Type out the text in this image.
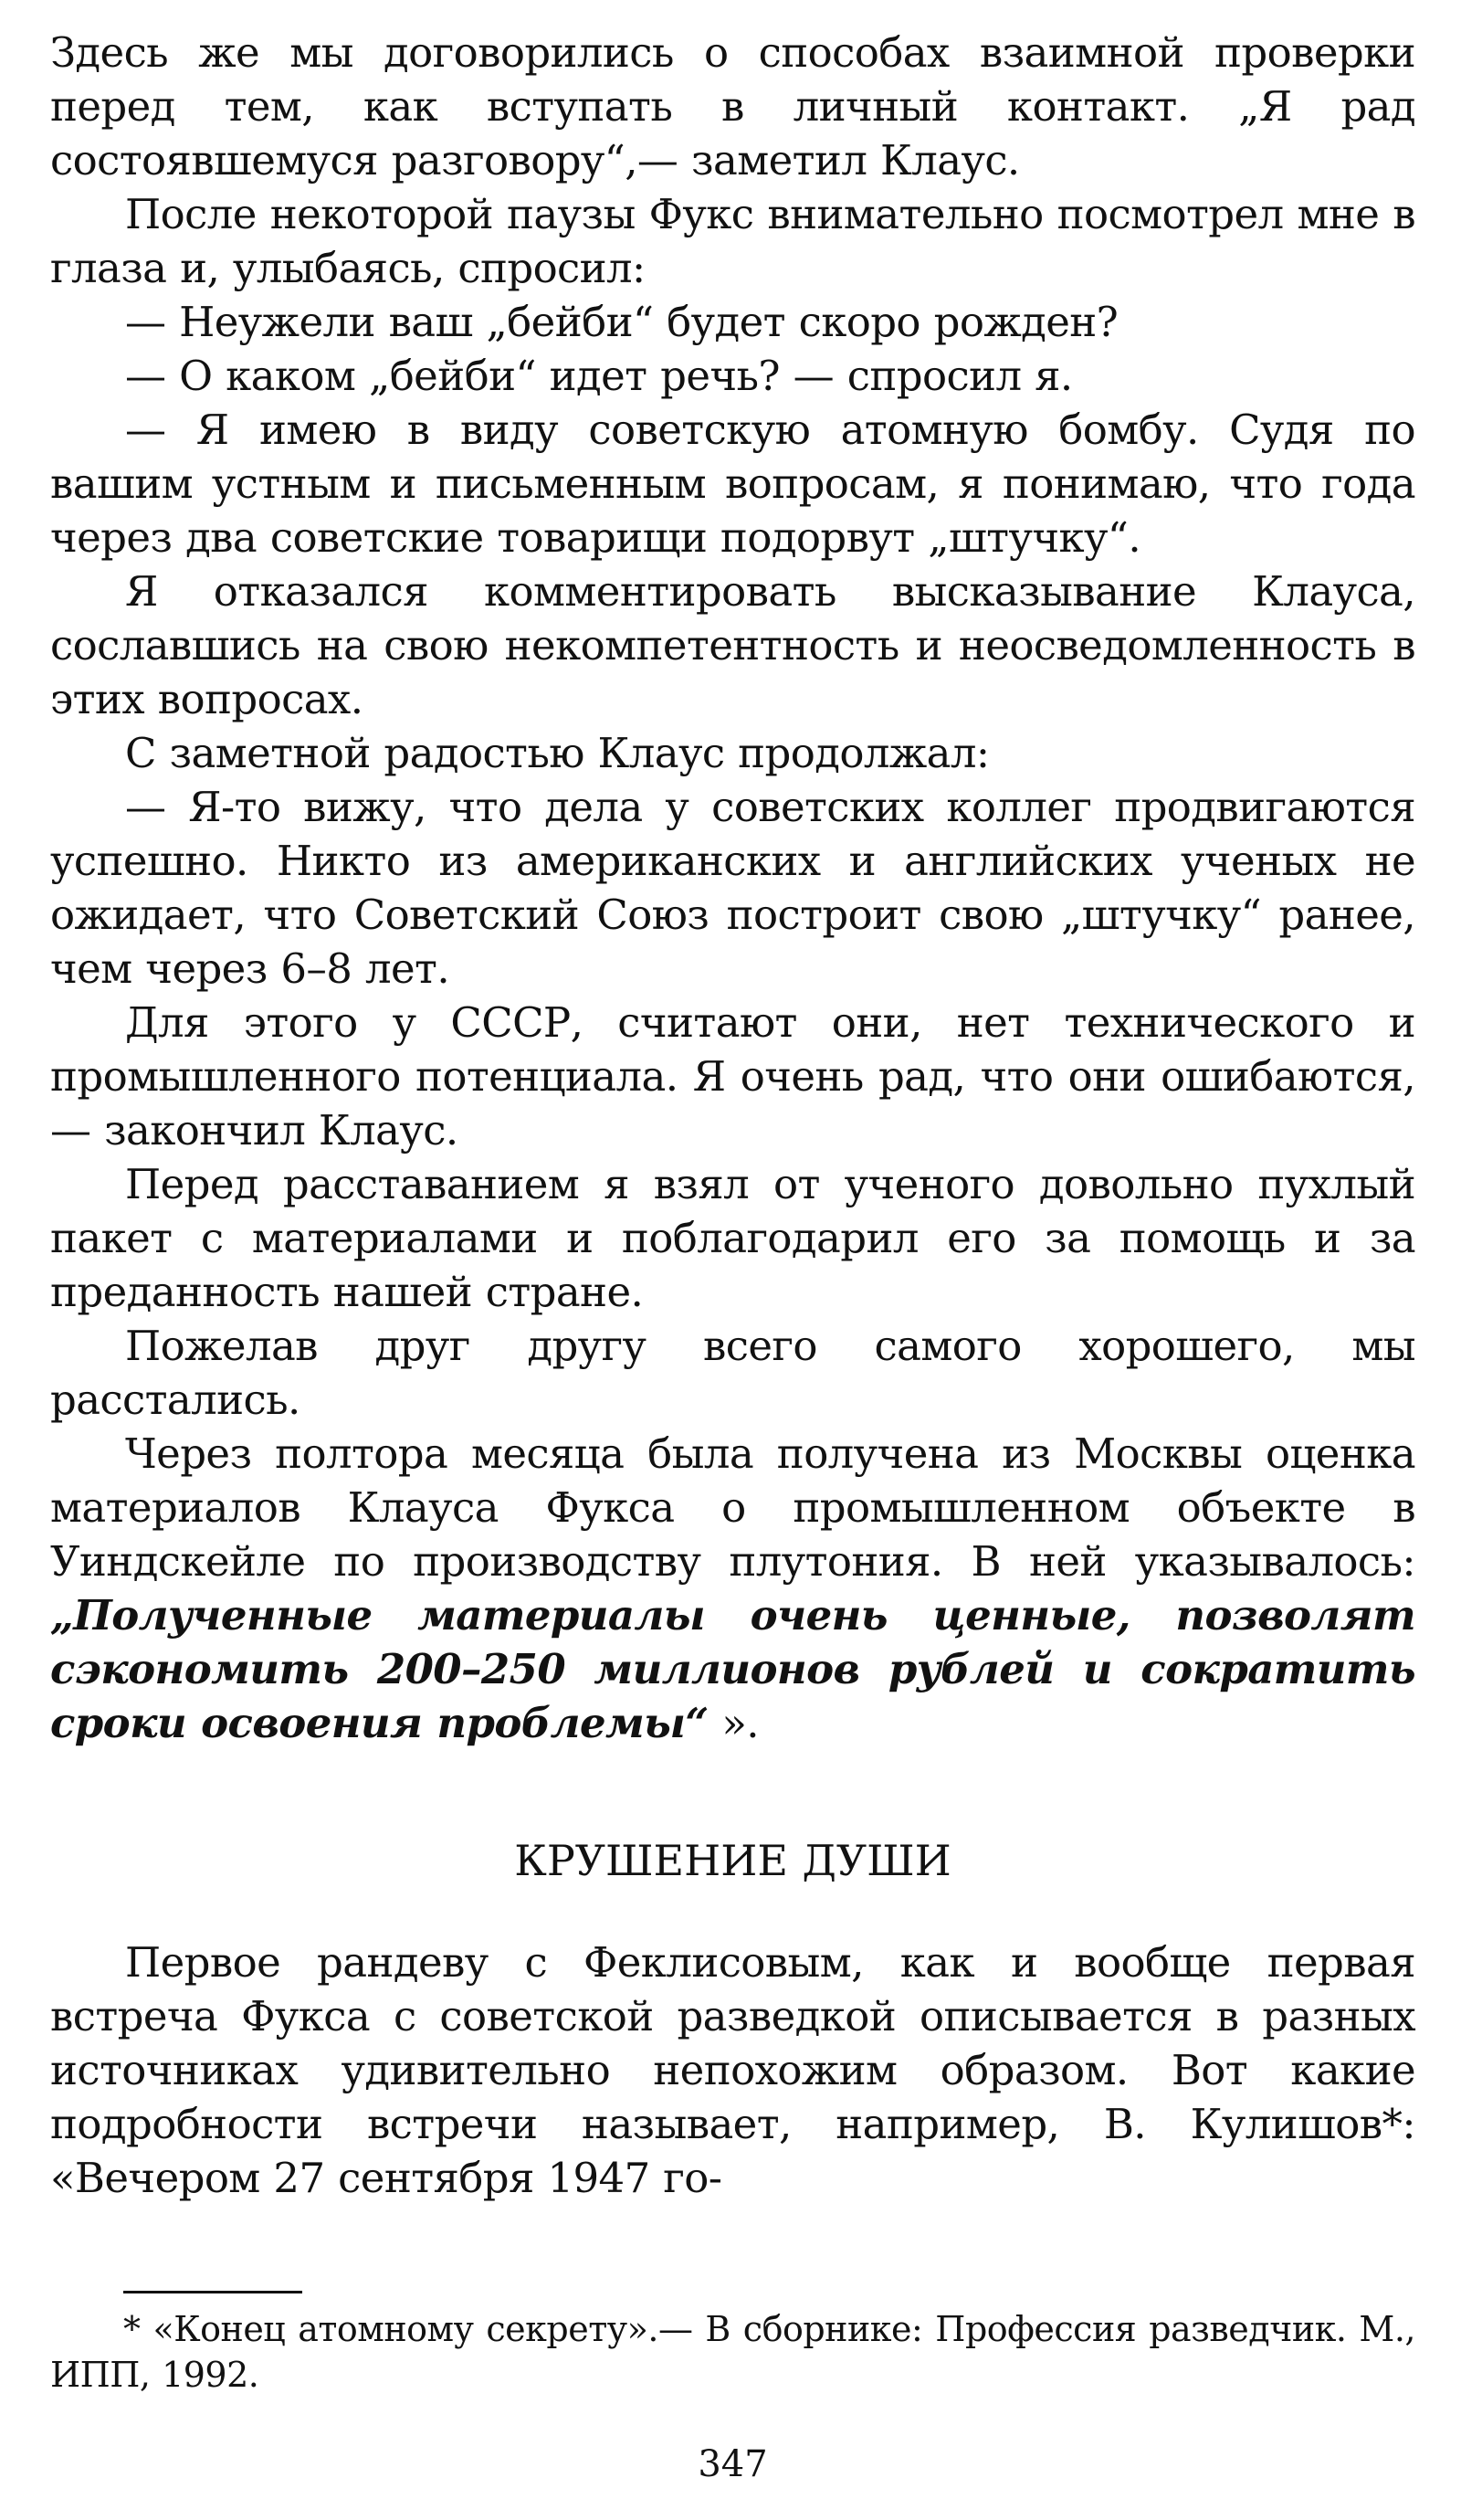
Здесь же мы договорились о способах взаимной проверки перед тем, как вступать в личный контакт. „Я рад состоявшемуся разговору“,— заметил Клаус.

После некоторой паузы Фукс внимательно посмотрел мне в глаза и, улыбаясь, спросил:

— Неужели ваш „бейби“ будет скоро рожден?

— О каком „бейби“ идет речь? — спросил я.

— Я имею в виду советскую атомную бомбу. Судя по вашим устным и письменным вопросам, я понимаю, что года через два советские товарищи подорвут „штучку“.

Я отказался комментировать высказывание Клауса, сославшись на свою некомпетентность и неосведомленность в этих вопросах.

С заметной радостью Клаус продолжал:

— Я-то вижу, что дела у советских коллег продвигаются успешно. Никто из американских и английских ученых не ожидает, что Советский Союз построит свою „штучку“ ранее, чем через 6–8 лет.

Для этого у СССР, считают они, нет технического и промышленного потенциала. Я очень рад, что они ошибаются,— закончил Клаус.

Перед расставанием я взял от ученого довольно пухлый пакет с материалами и поблагодарил его за помощь и за преданность нашей стране.

Пожелав друг другу всего самого хорошего, мы расстались.

Через полтора месяца была получена из Москвы оценка материалов Клауса Фукса о промышленном объекте в Уиндскейле по производству плутония. В ней указывалось: „Полученные материалы очень ценные, позволят сэкономить 200–250 миллионов рублей и сократить сроки освоения проблемы“ ».

КРУШЕНИЕ ДУШИ

Первое рандеву с Феклисовым, как и вообще первая встреча Фукса с советской разведкой описывается в разных источниках удивительно непохожим образом. Вот какие подробности встречи называет, например, В. Кулишов*: «Вечером 27 сентября 1947 го-

* «Конец атомному секрету».— В сборнике: Профессия разведчик. М., ИПП, 1992.

347
